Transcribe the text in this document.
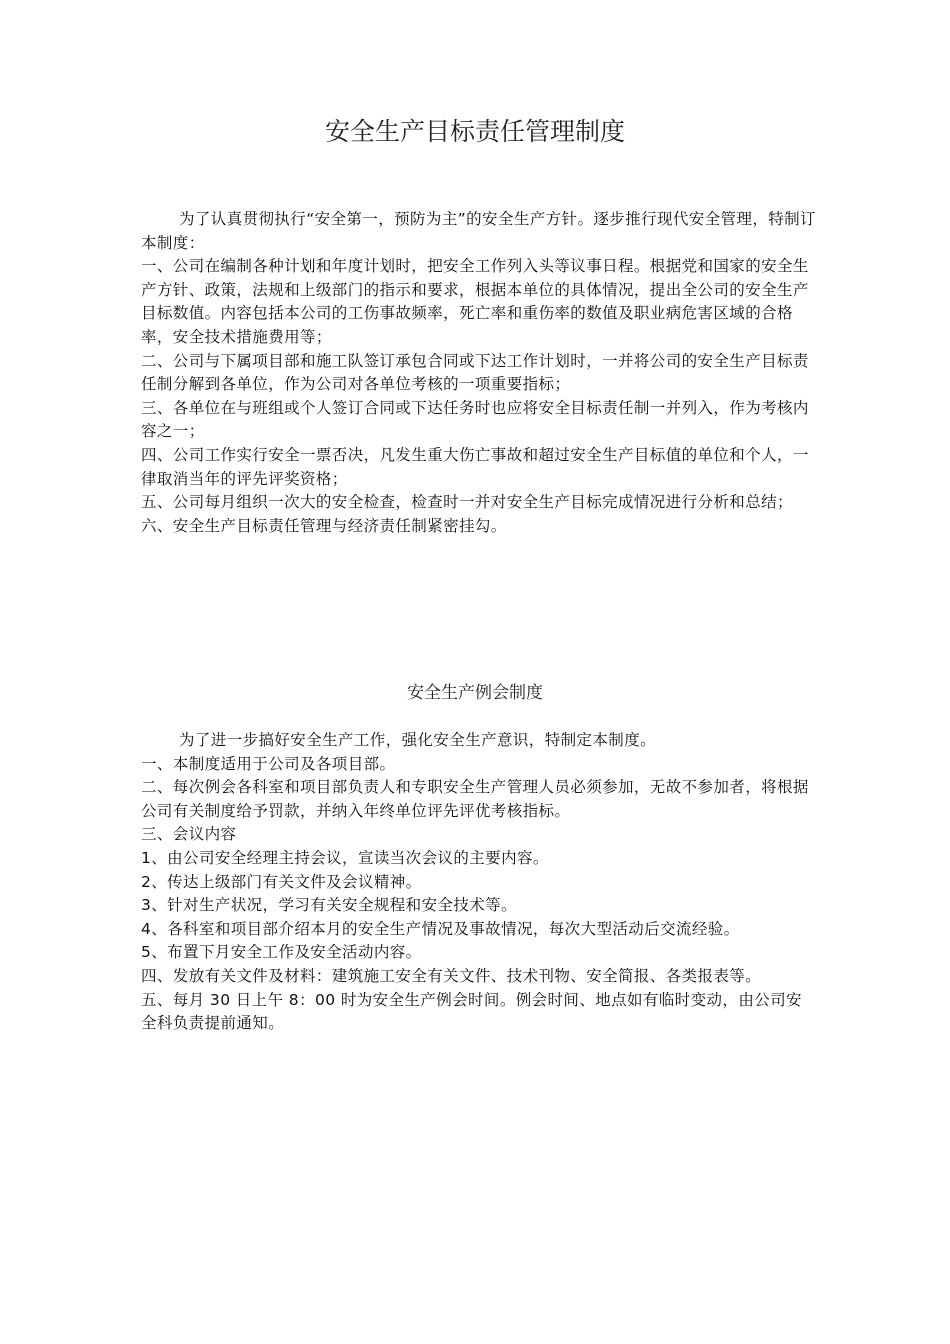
安全生产目标责任管理制度

为了认真贯彻执行“安全第一，预防为主”的安全生产方针。逐步推行现代安全管理，特制订本制度：

一、公司在编制各种计划和年度计划时，把安全工作列入头等议事日程。根据党和国家的安全生产方针、政策，法规和上级部门的指示和要求，根据本单位的具体情况，提出全公司的安全生产目标数值。内容包括本公司的工伤事故频率，死亡率和重伤率的数值及职业病危害区域的合格率，安全技术措施费用等；

二、公司与下属项目部和施工队签订承包合同或下达工作计划时，一并将公司的安全生产目标责任制分解到各单位，作为公司对各单位考核的一项重要指标；

三、各单位在与班组或个人签订合同或下达任务时也应将安全目标责任制一并列入，作为考核内容之一；

四、公司工作实行安全一票否决，凡发生重大伤亡事故和超过安全生产目标值的单位和个人，一律取消当年的评先评奖资格；

五、公司每月组织一次大的安全检查，检查时一并对安全生产目标完成情况进行分析和总结；

六、安全生产目标责任管理与经济责任制紧密挂勾。

安全生产例会制度

为了进一步搞好安全生产工作，强化安全生产意识，特制定本制度。

一、本制度适用于公司及各项目部。

二、每次例会各科室和项目部负责人和专职安全生产管理人员必须参加，无故不参加者，将根据公司有关制度给予罚款，并纳入年终单位评先评优考核指标。

三、会议内容

1、由公司安全经理主持会议，宣读当次会议的主要内容。

2、传达上级部门有关文件及会议精神。

3、针对生产状况，学习有关安全规程和安全技术等。

4、各科室和项目部介绍本月的安全生产情况及事故情况，每次大型活动后交流经验。

5、布置下月安全工作及安全活动内容。

四、发放有关文件及材料：建筑施工安全有关文件、技术刊物、安全简报、各类报表等。

五、每月 30 日上午 8：00 时为安全生产例会时间。例会时间、地点如有临时变动，由公司安全科负责提前通知。
